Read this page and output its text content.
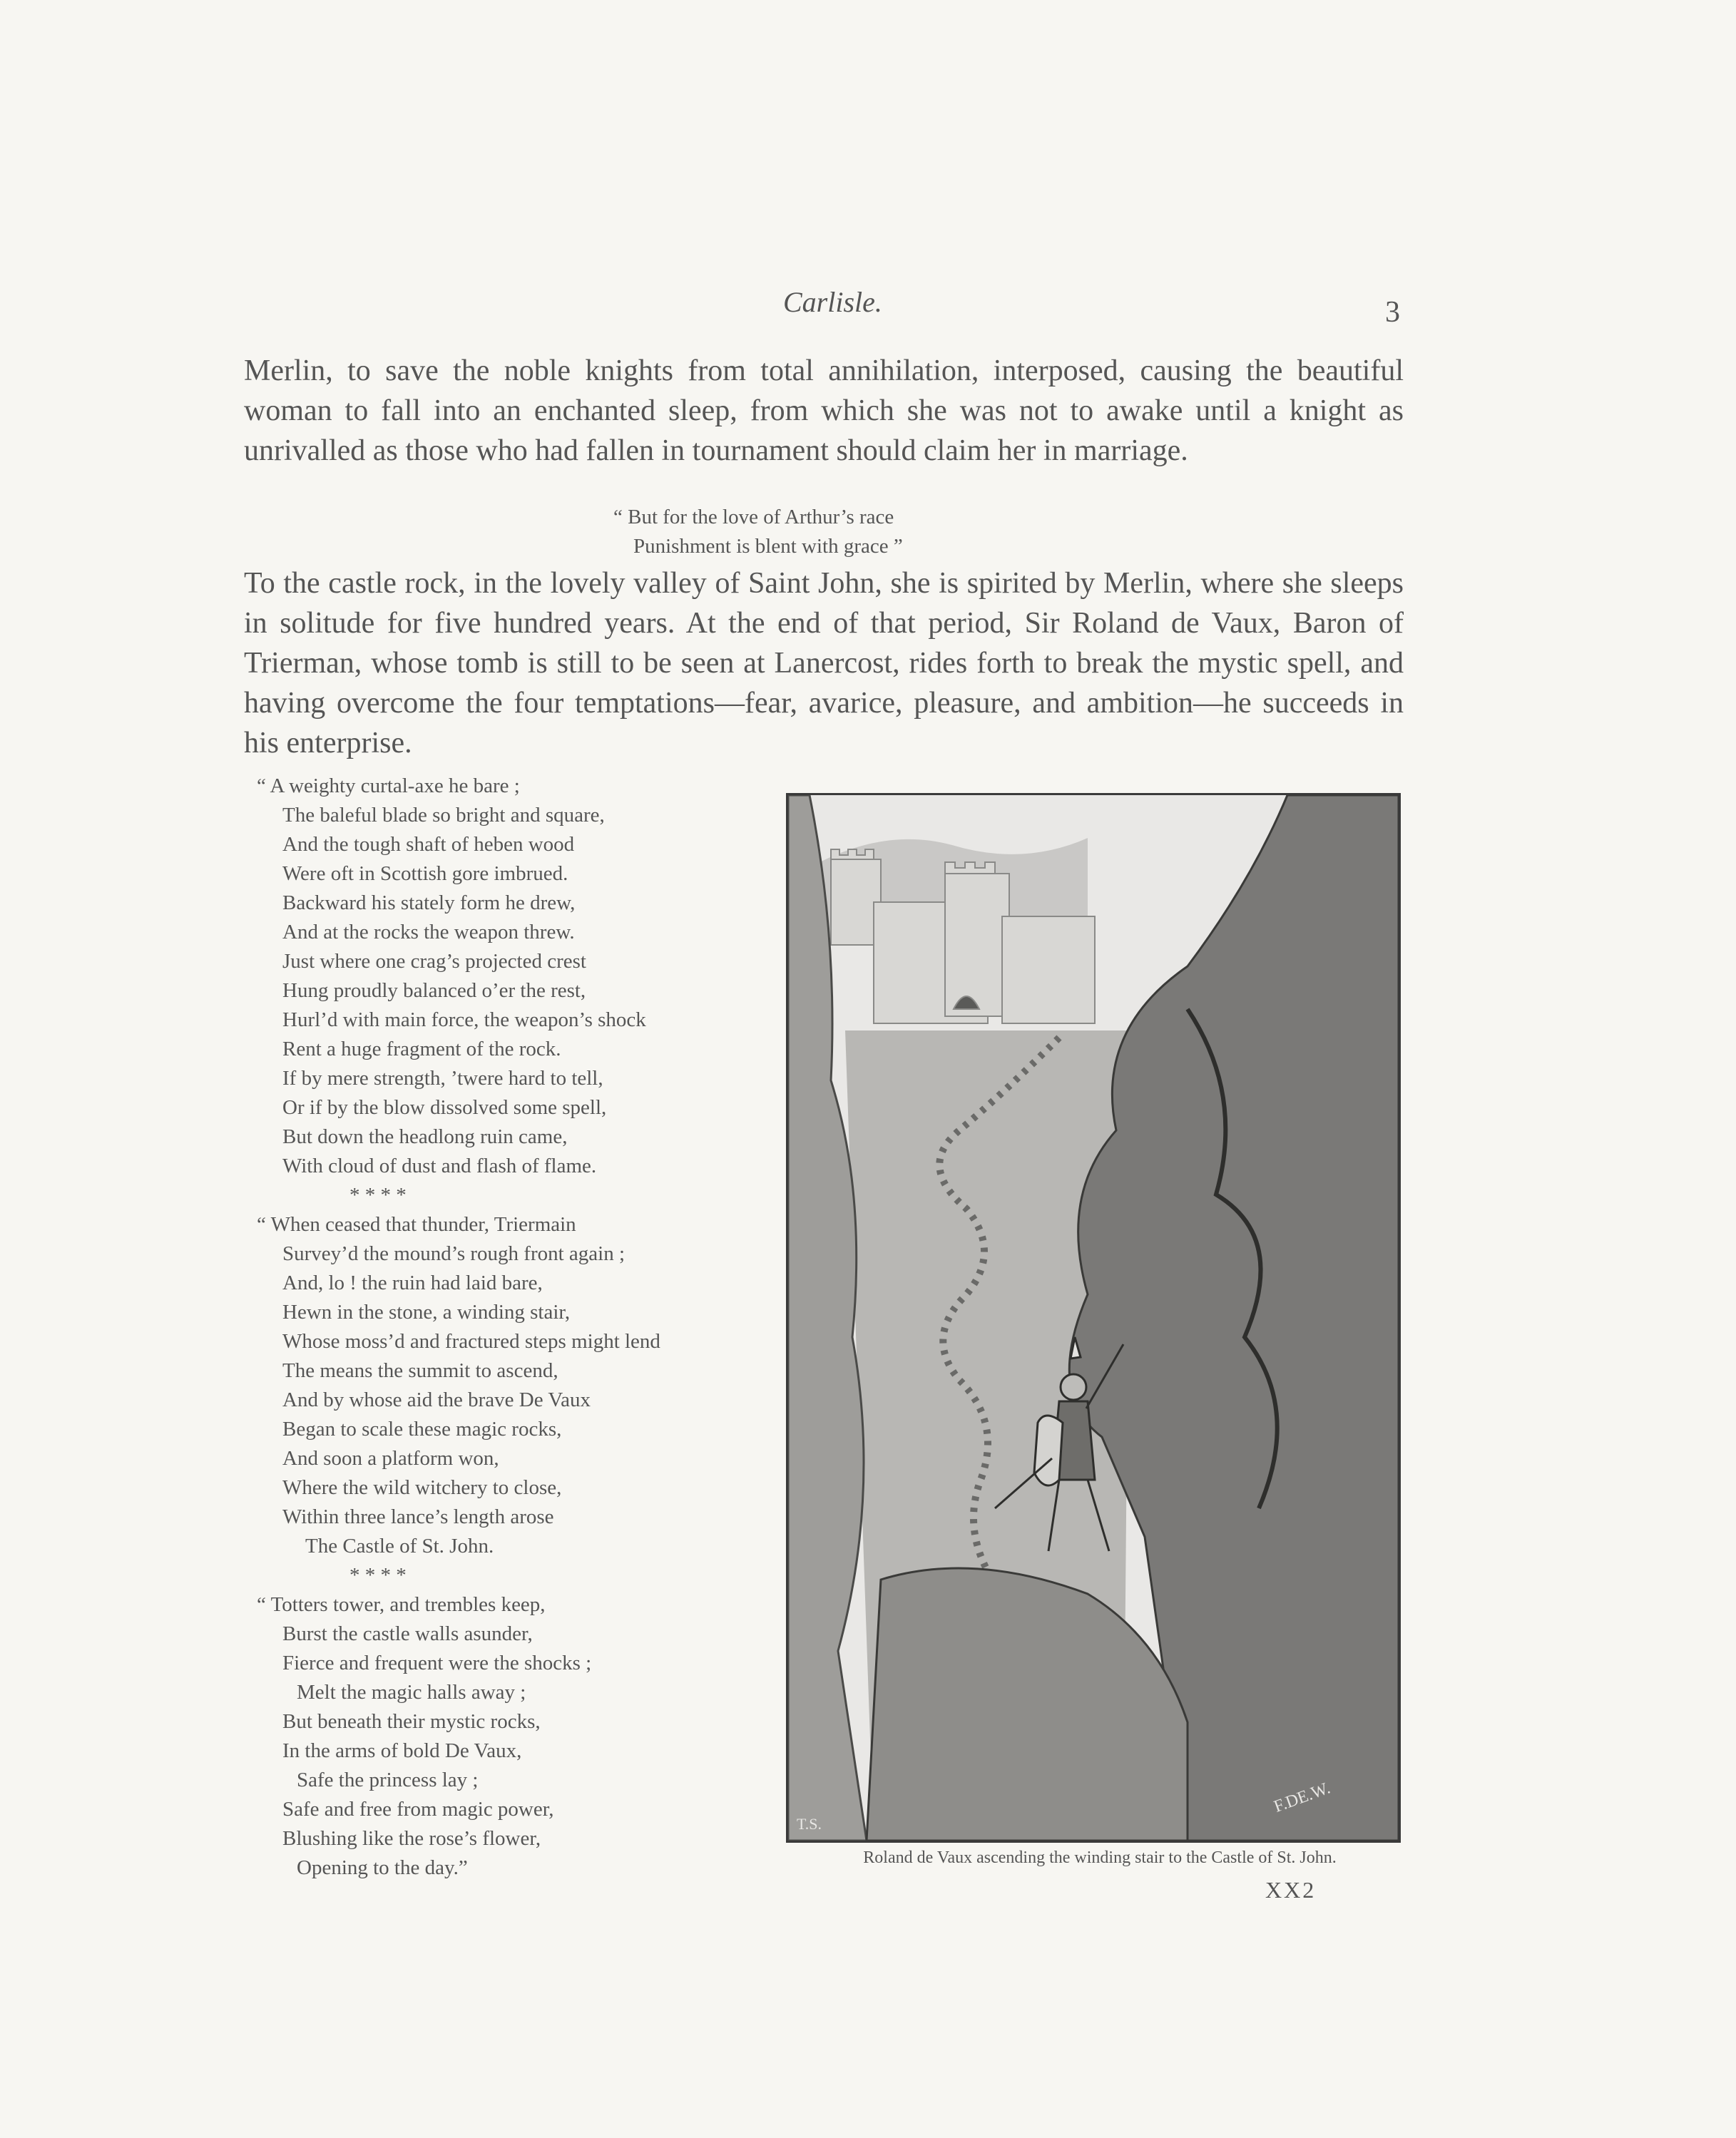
Carlisle.	3

Merlin, to save the noble knights from total annihilation, interposed, causing the beautiful woman to fall into an enchanted sleep, from which she was not to awake until a knight as unrivalled as those who had fallen in tournament should claim her in marriage.

“ But for the love of Arthur’s race
Punishment is blent with grace ”

To the castle rock, in the lovely valley of Saint John, she is spirited by Merlin, where she sleeps in solitude for five hundred years. At the end of that period, Sir Roland de Vaux, Baron of Trierman, whose tomb is still to be seen at Lanercost, rides forth to break the mystic spell, and having overcome the four temptations—fear, avarice, pleasure, and ambition—he succeeds in his enterprise.

“ A weighty curtal-axe he bare ;
The baleful blade so bright and square,
And the tough shaft of heben wood
Were oft in Scottish gore imbrued.
Backward his stately form he drew,
And at the rocks the weapon threw.
Just where one crag’s projected crest
Hung proudly balanced o’er the rest,
Hurl’d with main force, the weapon’s shock
Rent a huge fragment of the rock.
If by mere strength, ’twere hard to tell,
Or if by the blow dissolved some spell,
But down the headlong ruin came,
With cloud of dust and flash of flame.
* * * *
“ When ceased that thunder, Triermain
Survey’d the mound’s rough front again ;
And, lo ! the ruin had laid bare,
Hewn in the stone, a winding stair,
Whose moss’d and fractured steps might lend
The means the summit to ascend,
And by whose aid the brave De Vaux
Began to scale these magic rocks,
And soon a platform won,
Where the wild witchery to close,
Within three lance’s length arose
The Castle of St. John.
* * * *
“ Totters tower, and trembles keep,
Burst the castle walls asunder,
Fierce and frequent were the shocks ;
Melt the magic halls away ;
But beneath their mystic rocks,
In the arms of bold De Vaux,
Safe the princess lay ;
Safe and free from magic power,
Blushing like the rose’s flower,
Opening to the day.”
T.S.
F.DE.W.
Roland de Vaux ascending the winding stair to the Castle of St. John.
XX2
